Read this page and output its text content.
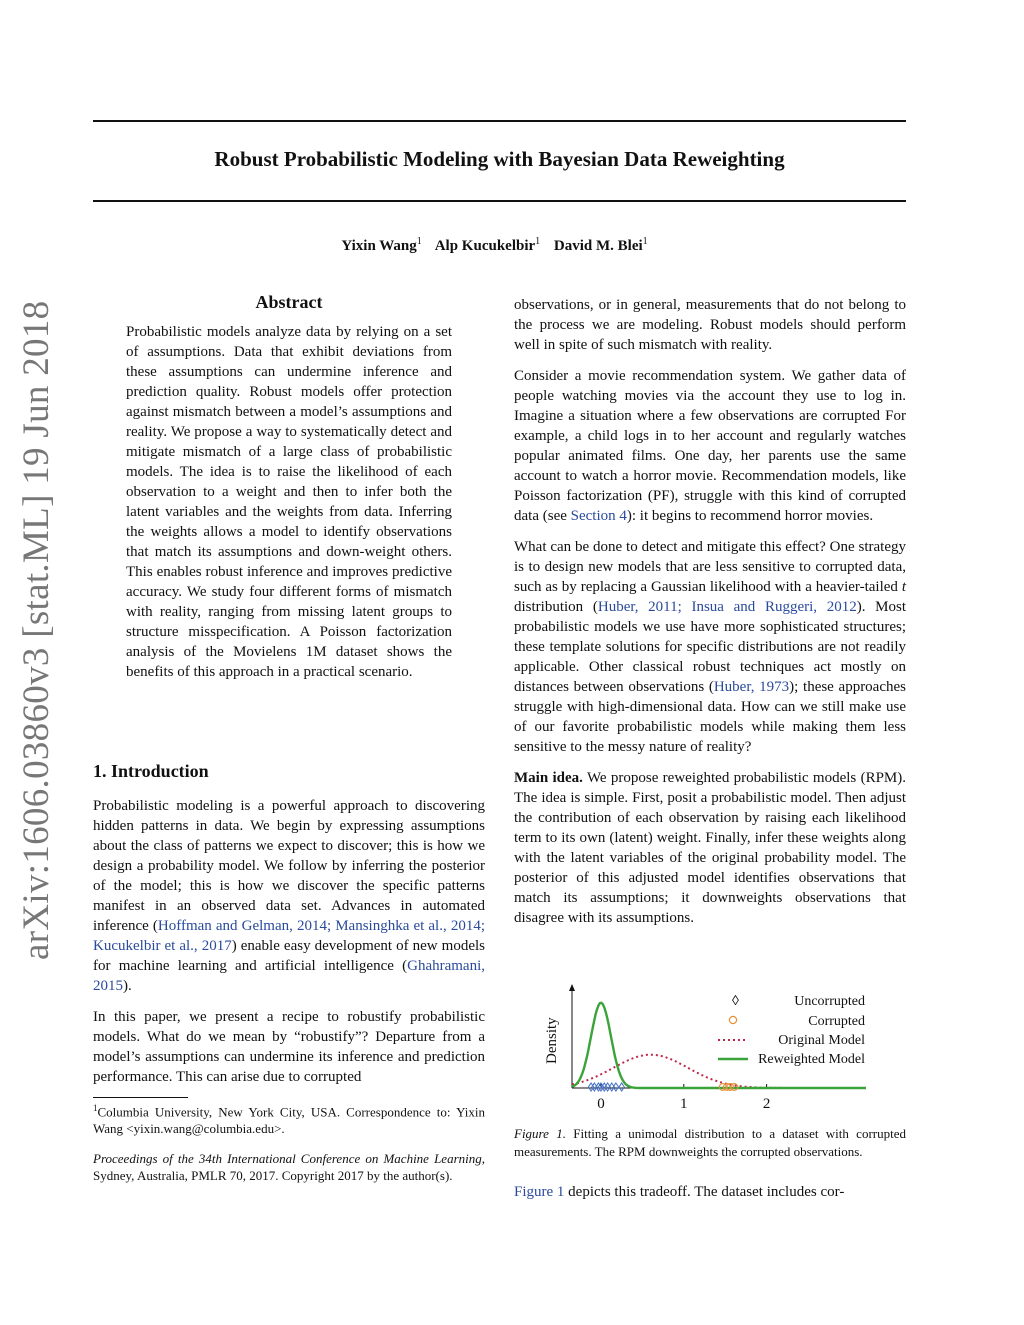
Robust Probabilistic Modeling with Bayesian Data Reweighting
Yixin Wang$^1$ Alp Kucukelbir$^1$ David M. Blei$^1$
arXiv:1606.03860v3 [stat.ML] 19 Jun 2018	Abstract

Probabilistic models analyze data by relying on a set of assumptions. Data that exhibit deviations from these assumptions can undermine inference and prediction quality. Robust models offer protection against mismatch between a model’s assumptions and reality. We propose a way to systematically detect and mitigate mismatch of a large class of probabilistic models. The idea is to raise the likelihood of each observation to a weight and then to infer both the latent variables and the weights from data. Inferring the weights allows a model to identify observations that match its assumptions and down-weight others. This enables robust inference and improves predictive accuracy. We study four different forms of mismatch with reality, ranging from missing latent groups to structure misspecification. A Poisson factorization analysis of the Movielens 1M dataset shows the benefits of this approach in a practical scenario.

1. Introduction

Probabilistic modeling is a powerful approach to discovering hidden patterns in data. We begin by expressing assumptions about the class of patterns we expect to discover; this is how we design a probability model. We follow by inferring the posterior of the model; this is how we discover the specific patterns manifest in an observed data set. Advances in automated inference (Hoffman and Gelman, 2014; Mansinghka et al., 2014; Kucukelbir et al., 2017) enable easy development of new models for machine learning and artificial intelligence (Ghahramani, 2015).

In this paper, we present a recipe to robustify probabilistic models. What do we mean by “robustify”? Departure from a model’s assumptions can undermine its inference and prediction performance. This can arise due to corrupted

$^1$Columbia University, New York City, USA. Correspondence to: Yixin Wang <yixin.wang@columbia.edu>.
Proceedings of the 34th International Conference on Machine Learning, Sydney, Australia, PMLR 70, 2017. Copyright 2017 by the author(s).

observations, or in general, measurements that do not belong to the process we are modeling. Robust models should perform well in spite of such mismatch with reality.

Consider a movie recommendation system. We gather data of people watching movies via the account they use to log in. Imagine a situation where a few observations are corrupted For example, a child logs in to her account and regularly watches popular animated films. One day, her parents use the same account to watch a horror movie. Recommendation models, like Poisson factorization (PF), struggle with this kind of corrupted data (see Section 4): it begins to recommend horror movies.

What can be done to detect and mitigate this effect? One strategy is to design new models that are less sensitive to corrupted data, such as by replacing a Gaussian likelihood with a heavier-tailed t distribution (Huber, 2011; Insua and Ruggeri, 2012). Most probabilistic models we use have more sophisticated structures; these template solutions for specific distributions are not readily applicable. Other classical robust techniques act mostly on distances between observations (Huber, 1973); these approaches struggle with high-dimensional data. How can we still make use of our favorite probabilistic models while making them less sensitive to the messy nature of reality?

Main idea. We propose reweighted probabilistic models (RPM). The idea is simple. First, posit a probabilistic model. Then adjust the contribution of each observation by raising each likelihood term to its own (latent) weight. Finally, infer these weights along with the latent variables of the original probability model. The posterior of this adjusted model identifies observations that match its assumptions; it downweights observations that disagree with its assumptions.

Density
0	1	2
◊	Uncorrupted
Corrupted
Original Model
Reweighted Model
Figure 1. Fitting a unimodal distribution to a dataset with corrupted measurements. The RPM downweights the corrupted observations.

Figure 1 depicts this tradeoff. The dataset includes cor-
